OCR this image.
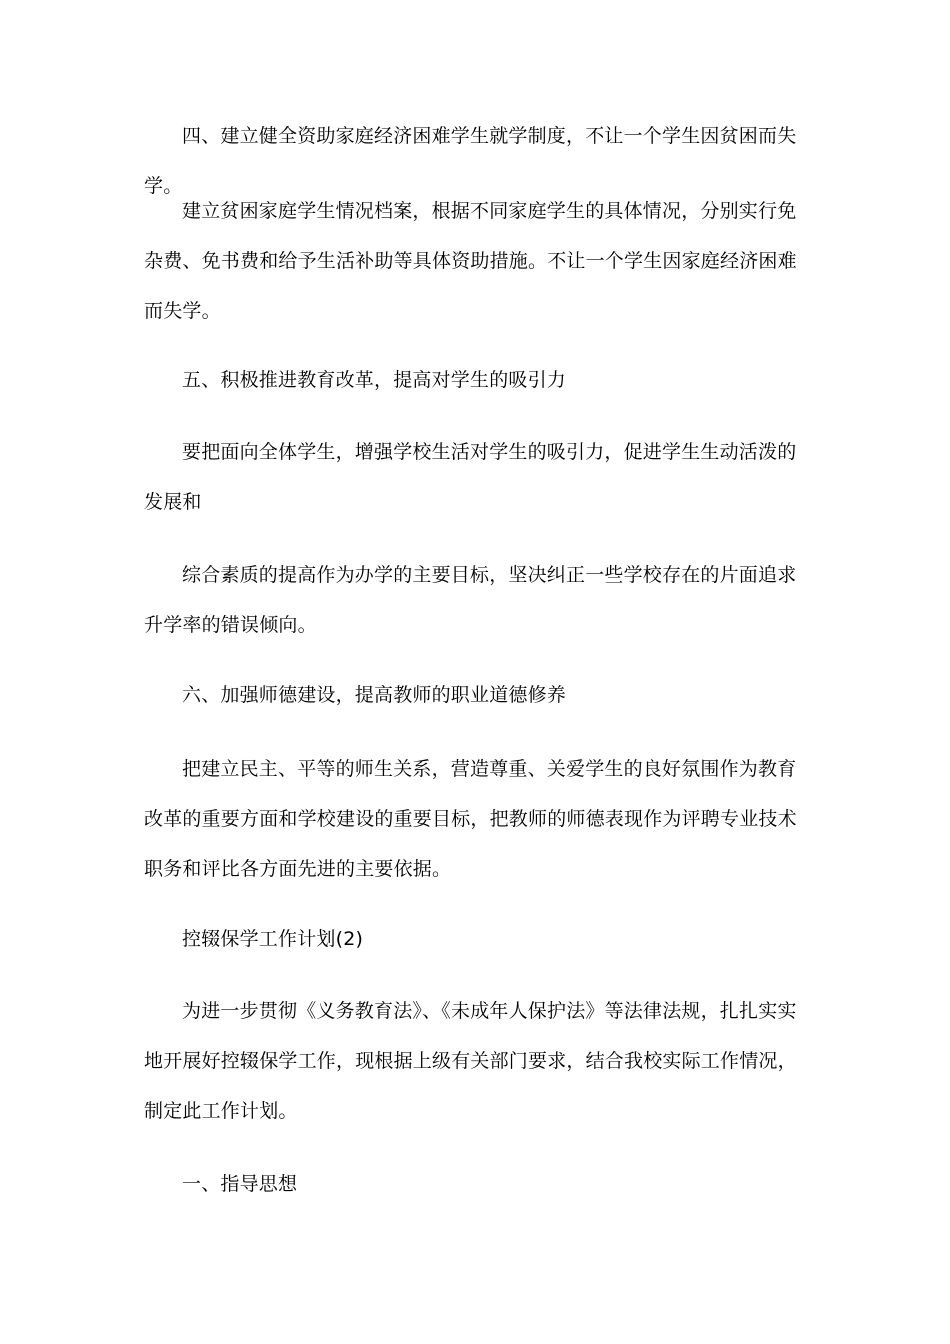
四、建立健全资助家庭经济困难学生就学制度，不让一个学生因贫困而失学。

建立贫困家庭学生情况档案，根据不同家庭学生的具体情况，分别实行免杂费、免书费和给予生活补助等具体资助措施。不让一个学生因家庭经济困难而失学。

五、积极推进教育改革，提高对学生的吸引力

要把面向全体学生，增强学校生活对学生的吸引力，促进学生生动活泼的发展和

综合素质的提高作为办学的主要目标，坚决纠正一些学校存在的片面追求升学率的错误倾向。

六、加强师德建设，提高教师的职业道德修养

把建立民主、平等的师生关系，营造尊重、关爱学生的良好氛围作为教育改革的重要方面和学校建设的重要目标，把教师的师德表现作为评聘专业技术职务和评比各方面先进的主要依据。

控辍保学工作计划(2)

为进一步贯彻《义务教育法》、《未成年人保护法》等法律法规，扎扎实实地开展好控辍保学工作，现根据上级有关部门要求，结合我校实际工作情况，制定此工作计划。

一、指导思想
